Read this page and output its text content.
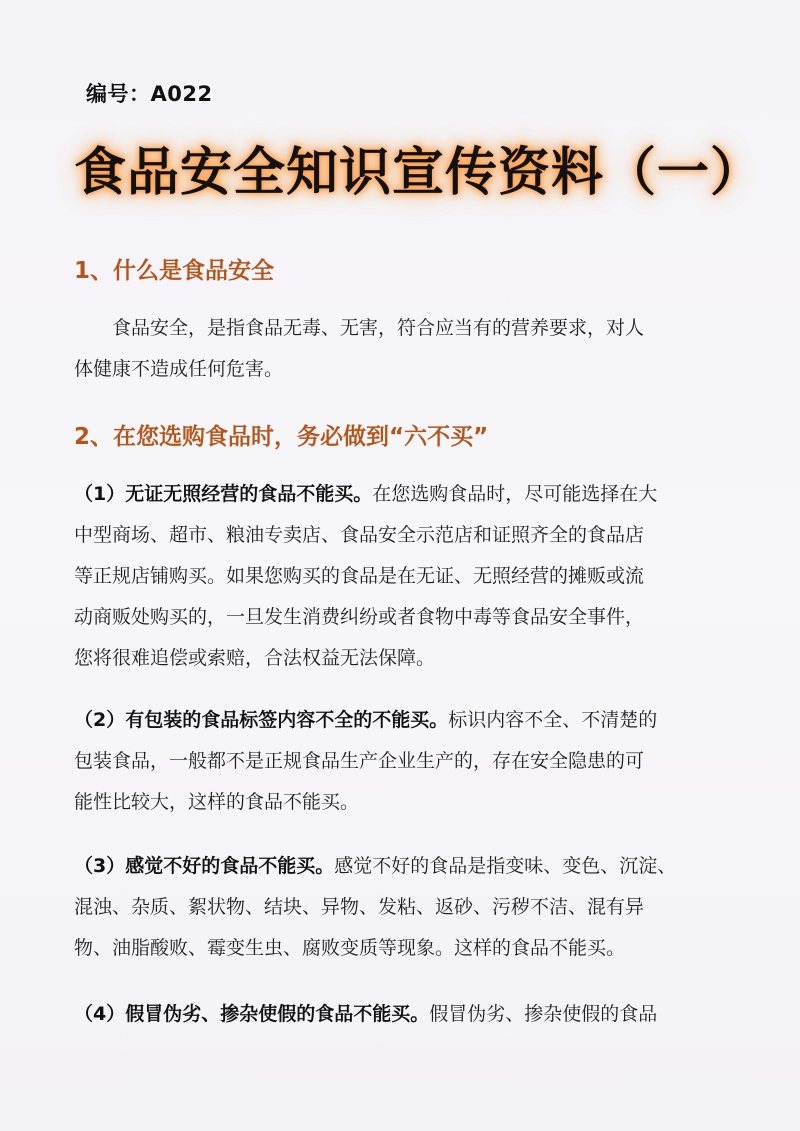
编号：A022
食品安全知识宣传资料（一）
1、什么是食品安全
食品安全，是指食品无毒、无害，符合应当有的营养要求，对人
体健康不造成任何危害。
2、在您选购食品时，务必做到“六不买”
（1）无证无照经营的食品不能买。在您选购食品时，尽可能选择在大
中型商场、超市、粮油专卖店、食品安全示范店和证照齐全的食品店
等正规店铺购买。如果您购买的食品是在无证、无照经营的摊贩或流
动商贩处购买的，一旦发生消费纠纷或者食物中毒等食品安全事件，
您将很难追偿或索赔，合法权益无法保障。
（2）有包装的食品标签内容不全的不能买。标识内容不全、不清楚的
包装食品，一般都不是正规食品生产企业生产的，存在安全隐患的可
能性比较大，这样的食品不能买。
（3）感觉不好的食品不能买。感觉不好的食品是指变味、变色、沉淀、
混浊、杂质、絮状物、结块、异物、发粘、返砂、污秽不洁、混有异
物、油脂酸败、霉变生虫、腐败变质等现象。这样的食品不能买。
（4）假冒伪劣、掺杂使假的食品不能买。假冒伪劣、掺杂使假的食品
